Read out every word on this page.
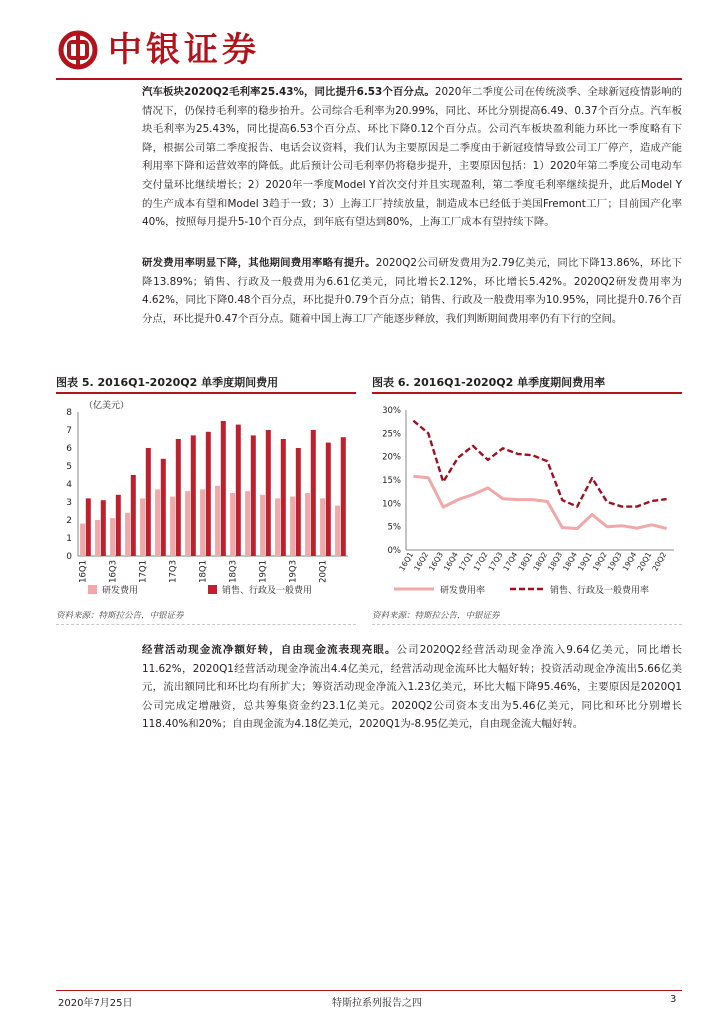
中银证券

汽车板块2020Q2毛利率25.43%，同比提升6.53个百分点。2020年二季度公司在传统淡季、全球新冠疫情影响的情况下，仍保持毛利率的稳步抬升。公司综合毛利率为20.99%，同比、环比分别提高6.49、0.37个百分点。汽车板块毛利率为25.43%，同比提高6.53个百分点、环比下降0.12个百分点。公司汽车板块盈利能力环比一季度略有下降，根据公司第二季度报告、电话会议资料，我们认为主要原因是二季度由于新冠疫情导致公司工厂停产，造成产能利用率下降和运营效率的降低。此后预计公司毛利率仍将稳步提升，主要原因包括：1）2020年第二季度公司电动车交付量环比继续增长；2）2020年一季度Model Y首次交付并且实现盈利，第二季度毛利率继续提升，此后Model Y的生产成本有望和Model 3趋于一致；3）上海工厂持续放量，制造成本已经低于美国Fremont工厂；目前国产化率40%，按照每月提升5-10个百分点，到年底有望达到80%，上海工厂成本有望持续下降。

研发费用率明显下降，其他期间费用率略有提升。2020Q2公司研发费用为2.79亿美元，同比下降13.86%，环比下降13.89%；销售、行政及一般费用为6.61亿美元，同比增长2.12%，环比增长5.42%。2020Q2研发费用率为4.62%，同比下降0.48个百分点，环比提升0.79个百分点；销售、行政及一般费用率为10.95%，同比提升0.76个百分点，环比提升0.47个百分点。随着中国上海工厂产能逐步释放，我们判断期间费用率仍有下行的空间。

图表 5. 2016Q1-2020Q2 单季度期间费用
（亿美元）
0
1
2
3
4
5
6
7
8
16Q1 16Q3 17Q1 17Q3 18Q1 18Q3 19Q1 19Q3 20Q1
研发费用	销售、行政及一般费用
资料来源：特斯拉公告，中银证券
图表 6. 2016Q1-2020Q2 单季度期间费用率
0%
5%
10%
15%
20%
25%
30%
16Q1
16Q2
16Q3
16Q4
17Q1
17Q2
17Q3
17Q4
18Q1
18Q2
18Q3
18Q4
19Q1
19Q2
19Q3
19Q4
20Q1
20Q2
研发费用率	销售、行政及一般费用率
资料来源：特斯拉公告，中银证券

经营活动现金流净额好转，自由现金流表现亮眼。公司2020Q2经营活动现金净流入9.64亿美元，同比增长11.62%，2020Q1经营活动现金净流出4.4亿美元，经营活动现金流环比大幅好转；投资活动现金净流出5.66亿美元，流出额同比和环比均有所扩大；筹资活动现金净流入1.23亿美元，环比大幅下降95.46%，主要原因是2020Q1公司完成定增融资，总共筹集资金约23.1亿美元。2020Q2公司资本支出为5.46亿美元，同比和环比分别增长118.40%和20%；自由现金流为4.18亿美元，2020Q1为-8.95亿美元，自由现金流大幅好转。

2020年7月25日	特斯拉系列报告之四	3
